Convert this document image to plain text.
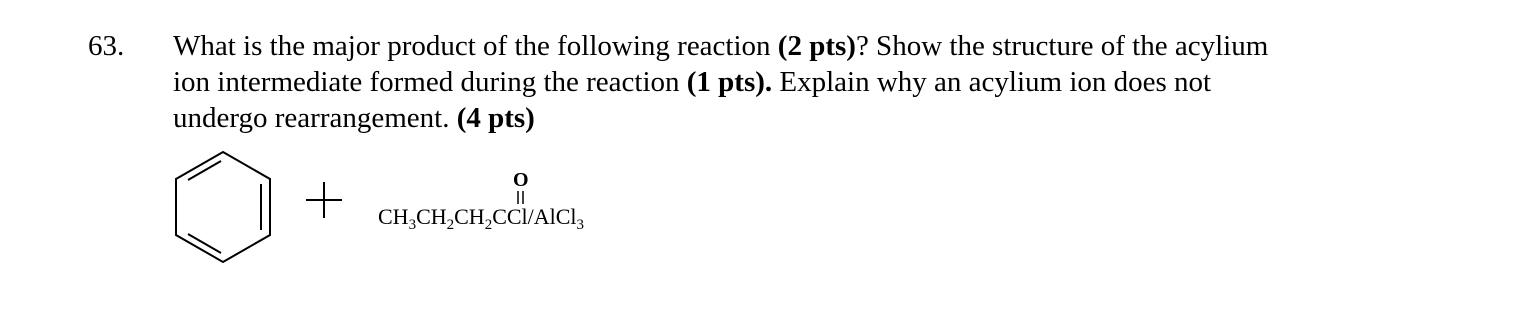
63. What is the major product of the following reaction (2 pts)? Show the structure of the acylium
ion intermediate formed during the reaction (1 pts). Explain why an acylium ion does not
undergo rearrangement. (4 pts)
O
$CH_3CH_2CH_2CCl/AlCl_3$
